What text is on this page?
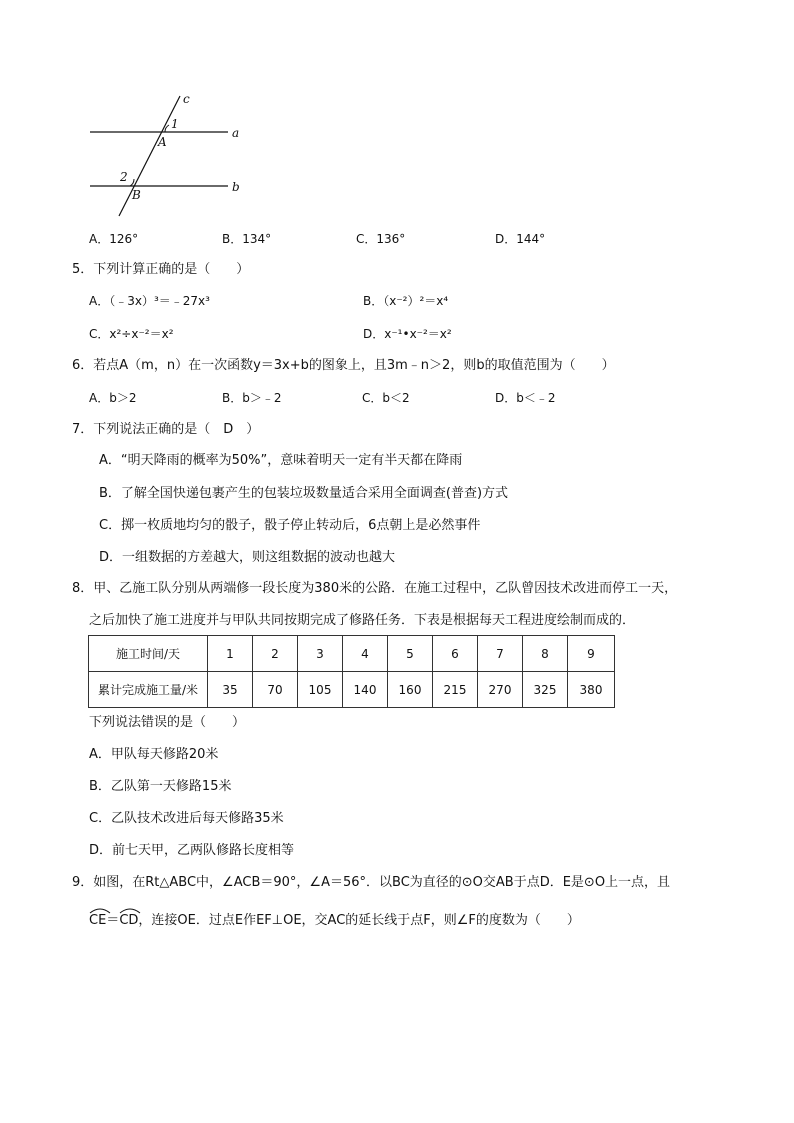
c
1
A
a
2
B
b
A．126°	B．134°	C．136°	D．144°
5．下列计算正确的是（　　）
A．（﹣3x）³＝﹣27x³	B．（x⁻²）²＝x⁴
C．x²÷x⁻²＝x²	D．x⁻¹•x⁻²＝x²
6．若点A（m，n）在一次函数y＝3x+b的图象上，且3m﹣n＞2，则b的取值范围为（　　）
A．b＞2	B．b＞﹣2	C．b＜2	D．b＜﹣2
7．下列说法正确的是（　D　）
A．“明天降雨的概率为50%”，意味着明天一定有半天都在降雨
B．了解全国快递包裹产生的包装垃圾数量适合采用全面调查(普查)方式
C．掷一枚质地均匀的骰子，骰子停止转动后，6点朝上是必然事件
D．一组数据的方差越大，则这组数据的波动也越大
8．甲、乙施工队分别从两端修一段长度为380米的公路．在施工过程中，乙队曾因技术改进而停工一天，
之后加快了施工进度并与甲队共同按期完成了修路任务．下表是根据每天工程进度绘制而成的．
施工时间/天	1	2	3	4	5	6	7	8	9
累计完成施工量/米	35	70	105	140	160	215	270	325	380
下列说法错误的是（　　）
A．甲队每天修路20米
B．乙队第一天修路15米
C．乙队技术改进后每天修路35米
D．前七天甲，乙两队修路长度相等
9．如图，在Rt△ABC中，∠ACB＝90°，∠A＝56°．以BC为直径的⊙O交AB于点D．E是⊙O上一点，且
CE＝
CD，连接OE．过点E作EF⊥OE，交AC的延长线于点F，则∠F的度数为（　　）
